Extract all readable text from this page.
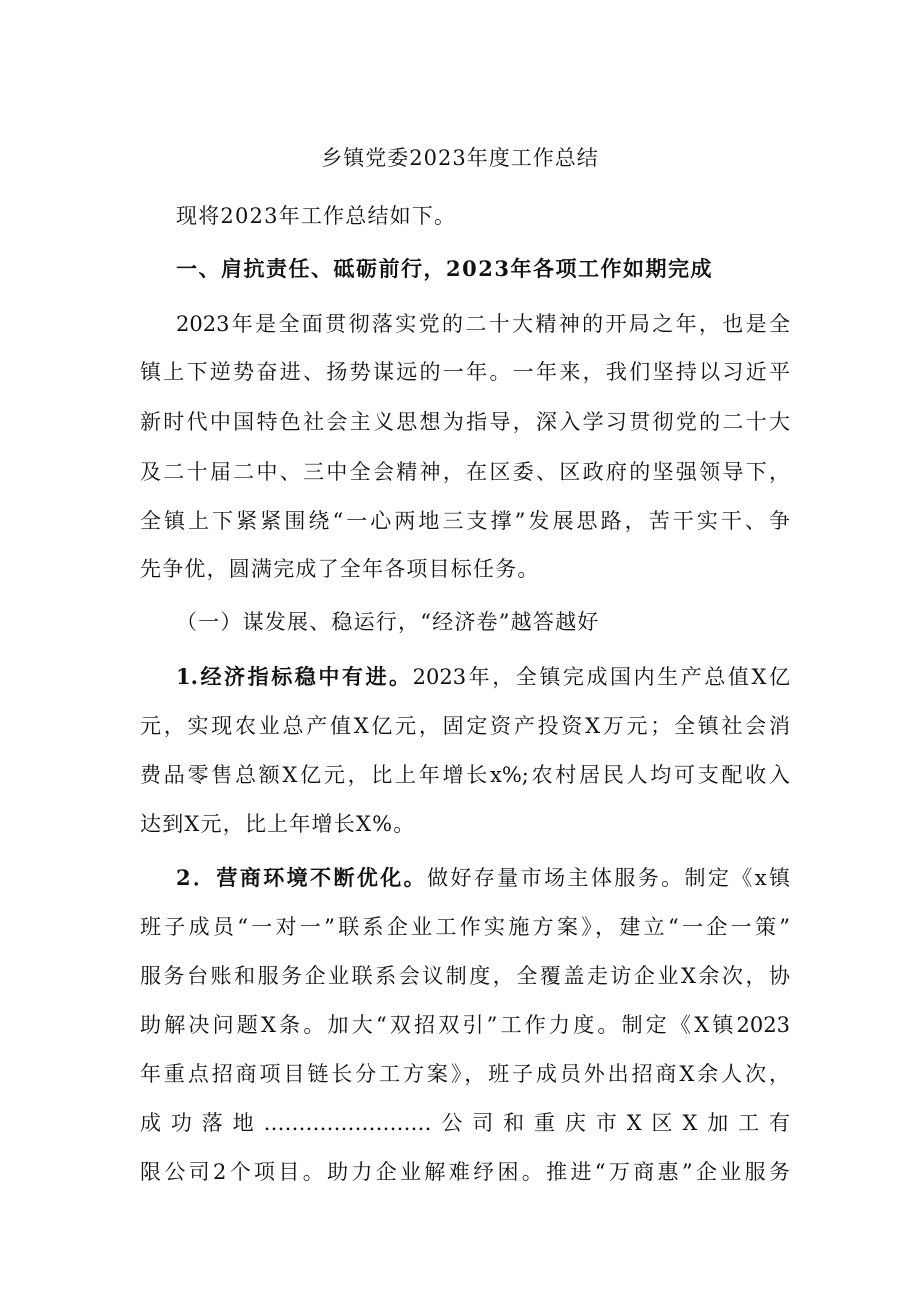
乡镇党委2023年度工作总结
现将2023年工作总结如下。
一、肩抗责任、砥砺前行，2023年各项工作如期完成
2023年是全面贯彻落实党的二十大精神的开局之年，也是全
镇上下逆势奋进、扬势谋远的一年。一年来，我们坚持以习近平
新时代中国特色社会主义思想为指导，深入学习贯彻党的二十大
及二十届二中、三中全会精神，在区委、区政府的坚强领导下，
全镇上下紧紧围绕“一心两地三支撑”发展思路，苦干实干、争
先争优，圆满完成了全年各项目标任务。
（一）谋发展、稳运行，“经济卷”越答越好
1.经济指标稳中有进。2023年，全镇完成国内生产总值X亿
元，实现农业总产值X亿元，固定资产投资X万元；全镇社会消
费品零售总额X亿元，比上年增长x%;农村居民人均可支配收入
达到X元，比上年增长X%。
2．营商环境不断优化。做好存量市场主体服务。制定《x镇
班子成员“一对一”联系企业工作实施方案》，建立“一企一策”
服务台账和服务企业联系会议制度，全覆盖走访企业X余次，协
助解决问题X条。加大“双招双引”工作力度。制定《X镇2023
年重点招商项目链长分工方案》，班子成员外出招商X余人次，
成功落地……………………公司和重庆市X区X加工有
限公司2个项目。助力企业解难纾困。推进“万商惠”企业服务
